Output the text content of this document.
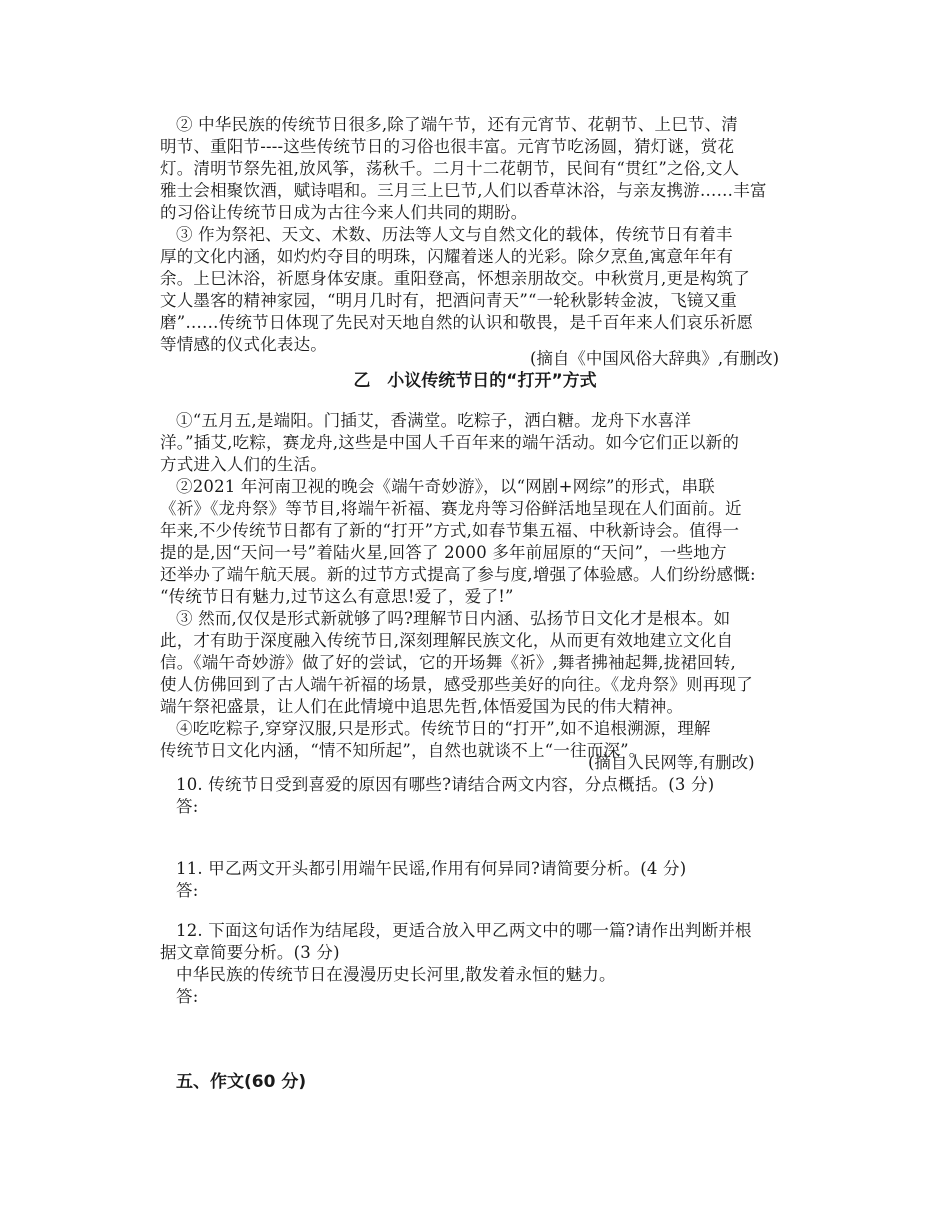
② 中华民族的传统节日很多,除了端午节，还有元宵节、花朝节、上巳节、清
明节、重阳节----这些传统节日的习俗也很丰富。元宵节吃汤圆，猜灯谜，赏花
灯。清明节祭先祖,放风筝，荡秋千。二月十二花朝节，民间有“贯红”之俗,文人
雅士会相聚饮酒，赋诗唱和。三月三上巳节,人们以香草沐浴，与亲友携游……丰富
的习俗让传统节日成为古往今来人们共同的期盼。
③ 作为祭祀、天文、术数、历法等人文与自然文化的载体，传统节日有着丰
厚的文化内涵，如灼灼夺目的明珠，闪耀着迷人的光彩。除夕烹鱼,寓意年年有
余。上巳沐浴，祈愿身体安康。重阳登高，怀想亲朋故交。中秋赏月,更是构筑了
文人墨客的精神家园，“明月几时有，把酒问青天”“一轮秋影转金波，飞镜又重
磨”……传统节日体现了先民对天地自然的认识和敬畏，是千百年来人们哀乐祈愿
等情感的仪式化表达。
(摘自《中国风俗大辞典》,有删改)
乙　小议传统节日的“打开”方式
①“五月五,是端阳。门插艾，香满堂。吃粽子，洒白糖。龙舟下水喜洋
洋。”插艾,吃粽，赛龙舟,这些是中国人千百年来的端午活动。如今它们正以新的
方式进入人们的生活。
②2021 年河南卫视的晚会《端午奇妙游》，以“网剧+网综”的形式，串联
《祈》《龙舟祭》等节目,将端午祈福、赛龙舟等习俗鲜活地呈现在人们面前。近
年来,不少传统节日都有了新的“打开”方式,如春节集五福、中秋新诗会。值得一
提的是,因“天问一号”着陆火星,回答了 2000 多年前屈原的“天问”，一些地方
还举办了端午航天展。新的过节方式提高了参与度,增强了体验感。人们纷纷感慨:
“传统节日有魅力,过节这么有意思!爱了，爱了!”
③ 然而,仅仅是形式新就够了吗?理解节日内涵、弘扬节日文化才是根本。如
此，才有助于深度融入传统节日,深刻理解民族文化，从而更有效地建立文化自
信。《端午奇妙游》做了好的尝试，它的开场舞《祈》,舞者拂袖起舞,拢裙回转,
使人仿佛回到了古人端午祈福的场景，感受那些美好的向往。《龙舟祭》则再现了
端午祭祀盛景，让人们在此情境中追思先哲,体悟爱国为民的伟大精神。
④吃吃粽子,穿穿汉服,只是形式。传统节日的“打开”,如不追根溯源，理解
传统节日文化内涵，“情不知所起”，自然也就谈不上“一往而深”。
(摘自人民网等,有删改)
10. 传统节日受到喜爱的原因有哪些?请结合两文内容，分点概括。(3 分)
答:
11. 甲乙两文开头都引用端午民谣,作用有何异同?请简要分析。(4 分)
答:
12. 下面这句话作为结尾段，更适合放入甲乙两文中的哪一篇?请作出判断并根
据文章简要分析。(3 分)
中华民族的传统节日在漫漫历史长河里,散发着永恒的魅力。
答:
五、作文(60 分)
